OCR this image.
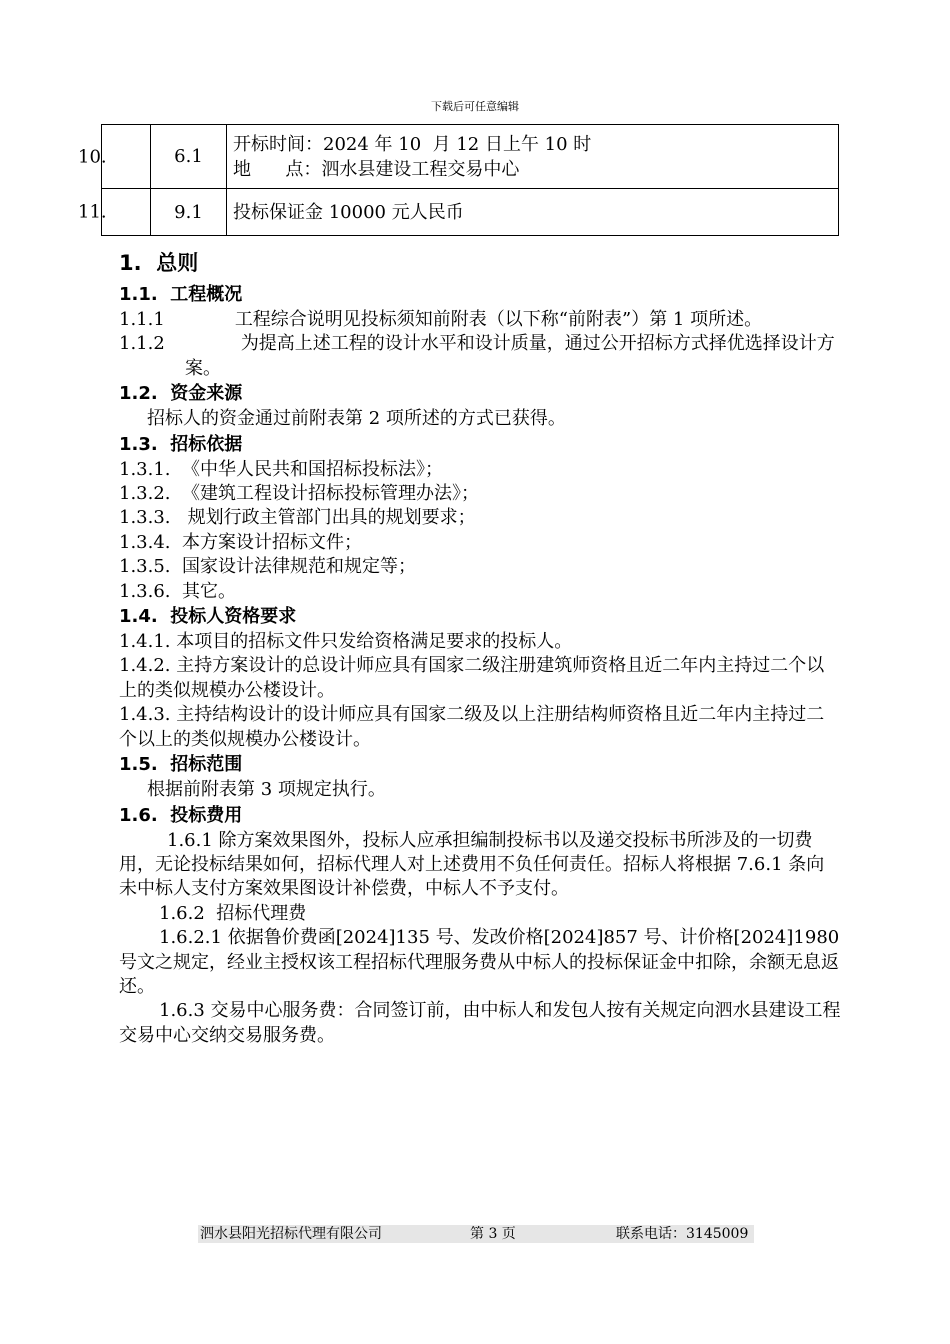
下载后可任意编辑
10.	6.1	开标时间：2024 年 10  月 12 日上午 10 时
地      点：泗水县建设工程交易中心

11.	9.1	投标保证金 10000 元人民币

1.  总则

1.1.  工程概况

1.1.1	工程综合说明见投标须知前附表（以下称“前附表”）第 1 项所述。

1.1.2	为提高上述工程的设计水平和设计质量，通过公开招标方式择优选择设计方案。

1.2.  资金来源

招标人的资金通过前附表第 2 项所述的方式已获得。

1.3.  招标依据

1.3.1.  《中华人民共和国招标投标法》；

1.3.2.  《建筑工程设计招标投标管理办法》；

1.3.3.   规划行政主管部门出具的规划要求；

1.3.4.  本方案设计招标文件；

1.3.5.  国家设计法律规范和规定等；

1.3.6.  其它。

1.4.  投标人资格要求

1.4.1. 本项目的招标文件只发给资格满足要求的投标人。

1.4.2. 主持方案设计的总设计师应具有国家二级注册建筑师资格且近二年内主持过二个以上的类似规模办公楼设计。

1.4.3. 主持结构设计的设计师应具有国家二级及以上注册结构师资格且近二年内主持过二个以上的类似规模办公楼设计。

1.5.  招标范围

根据前附表第 3 项规定执行。

1.6.  投标费用

1.6.1 除方案效果图外，投标人应承担编制投标书以及递交投标书所涉及的一切费用，无论投标结果如何，招标代理人对上述费用不负任何责任。招标人将根据 7.6.1 条向未中标人支付方案效果图设计补偿费，中标人不予支付。

1.6.2  招标代理费

1.6.2.1 依据鲁价费函[2024]135 号、发改价格[2024]857 号、计价格[2024]1980 号文之规定，经业主授权该工程招标代理服务费从中标人的投标保证金中扣除，余额无息返还。

1.6.3 交易中心服务费：合同签订前，由中标人和发包人按有关规定向泗水县建设工程交易中心交纳交易服务费。

泗水县阳光招标代理有限公司	第 3 页	联系电话：3145009
